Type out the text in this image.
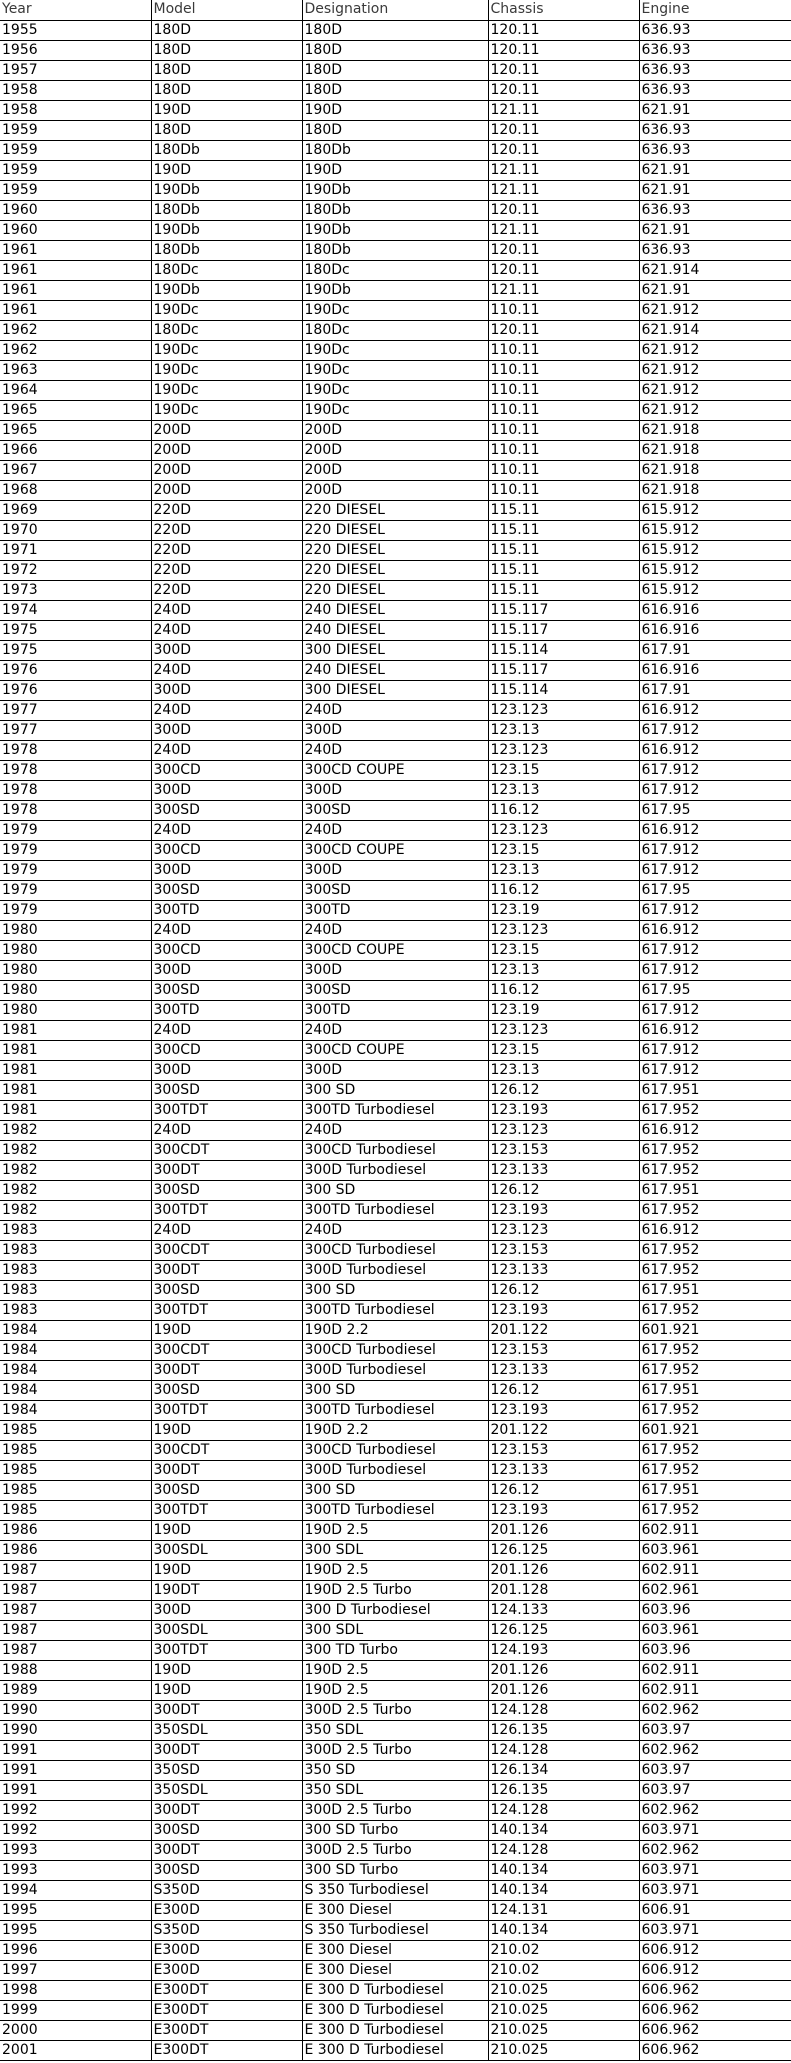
Year	Model	Designation	Chassis	Engine
1955	180D	180D	120.11	636.93
1956	180D	180D	120.11	636.93
1957	180D	180D	120.11	636.93
1958	180D	180D	120.11	636.93
1958	190D	190D	121.11	621.91
1959	180D	180D	120.11	636.93
1959	180Db	180Db	120.11	636.93
1959	190D	190D	121.11	621.91
1959	190Db	190Db	121.11	621.91
1960	180Db	180Db	120.11	636.93
1960	190Db	190Db	121.11	621.91
1961	180Db	180Db	120.11	636.93
1961	180Dc	180Dc	120.11	621.914
1961	190Db	190Db	121.11	621.91
1961	190Dc	190Dc	110.11	621.912
1962	180Dc	180Dc	120.11	621.914
1962	190Dc	190Dc	110.11	621.912
1963	190Dc	190Dc	110.11	621.912
1964	190Dc	190Dc	110.11	621.912
1965	190Dc	190Dc	110.11	621.912
1965	200D	200D	110.11	621.918
1966	200D	200D	110.11	621.918
1967	200D	200D	110.11	621.918
1968	200D	200D	110.11	621.918
1969	220D	220 DIESEL	115.11	615.912
1970	220D	220 DIESEL	115.11	615.912
1971	220D	220 DIESEL	115.11	615.912
1972	220D	220 DIESEL	115.11	615.912
1973	220D	220 DIESEL	115.11	615.912
1974	240D	240 DIESEL	115.117	616.916
1975	240D	240 DIESEL	115.117	616.916
1975	300D	300 DIESEL	115.114	617.91
1976	240D	240 DIESEL	115.117	616.916
1976	300D	300 DIESEL	115.114	617.91
1977	240D	240D	123.123	616.912
1977	300D	300D	123.13	617.912
1978	240D	240D	123.123	616.912
1978	300CD	300CD COUPE	123.15	617.912
1978	300D	300D	123.13	617.912
1978	300SD	300SD	116.12	617.95
1979	240D	240D	123.123	616.912
1979	300CD	300CD COUPE	123.15	617.912
1979	300D	300D	123.13	617.912
1979	300SD	300SD	116.12	617.95
1979	300TD	300TD	123.19	617.912
1980	240D	240D	123.123	616.912
1980	300CD	300CD COUPE	123.15	617.912
1980	300D	300D	123.13	617.912
1980	300SD	300SD	116.12	617.95
1980	300TD	300TD	123.19	617.912
1981	240D	240D	123.123	616.912
1981	300CD	300CD COUPE	123.15	617.912
1981	300D	300D	123.13	617.912
1981	300SD	300 SD	126.12	617.951
1981	300TDT	300TD Turbodiesel	123.193	617.952
1982	240D	240D	123.123	616.912
1982	300CDT	300CD Turbodiesel	123.153	617.952
1982	300DT	300D Turbodiesel	123.133	617.952
1982	300SD	300 SD	126.12	617.951
1982	300TDT	300TD Turbodiesel	123.193	617.952
1983	240D	240D	123.123	616.912
1983	300CDT	300CD Turbodiesel	123.153	617.952
1983	300DT	300D Turbodiesel	123.133	617.952
1983	300SD	300 SD	126.12	617.951
1983	300TDT	300TD Turbodiesel	123.193	617.952
1984	190D	190D 2.2	201.122	601.921
1984	300CDT	300CD Turbodiesel	123.153	617.952
1984	300DT	300D Turbodiesel	123.133	617.952
1984	300SD	300 SD	126.12	617.951
1984	300TDT	300TD Turbodiesel	123.193	617.952
1985	190D	190D 2.2	201.122	601.921
1985	300CDT	300CD Turbodiesel	123.153	617.952
1985	300DT	300D Turbodiesel	123.133	617.952
1985	300SD	300 SD	126.12	617.951
1985	300TDT	300TD Turbodiesel	123.193	617.952
1986	190D	190D 2.5	201.126	602.911
1986	300SDL	300 SDL	126.125	603.961
1987	190D	190D 2.5	201.126	602.911
1987	190DT	190D 2.5 Turbo	201.128	602.961
1987	300D	300 D Turbodiesel	124.133	603.96
1987	300SDL	300 SDL	126.125	603.961
1987	300TDT	300 TD Turbo	124.193	603.96
1988	190D	190D 2.5	201.126	602.911
1989	190D	190D 2.5	201.126	602.911
1990	300DT	300D 2.5 Turbo	124.128	602.962
1990	350SDL	350 SDL	126.135	603.97
1991	300DT	300D 2.5 Turbo	124.128	602.962
1991	350SD	350 SD	126.134	603.97
1991	350SDL	350 SDL	126.135	603.97
1992	300DT	300D 2.5 Turbo	124.128	602.962
1992	300SD	300 SD Turbo	140.134	603.971
1993	300DT	300D 2.5 Turbo	124.128	602.962
1993	300SD	300 SD Turbo	140.134	603.971
1994	S350D	S 350 Turbodiesel	140.134	603.971
1995	E300D	E 300 Diesel	124.131	606.91
1995	S350D	S 350 Turbodiesel	140.134	603.971
1996	E300D	E 300 Diesel	210.02	606.912
1997	E300D	E 300 Diesel	210.02	606.912
1998	E300DT	E 300 D Turbodiesel	210.025	606.962
1999	E300DT	E 300 D Turbodiesel	210.025	606.962
2000	E300DT	E 300 D Turbodiesel	210.025	606.962
2001	E300DT	E 300 D Turbodiesel	210.025	606.962
